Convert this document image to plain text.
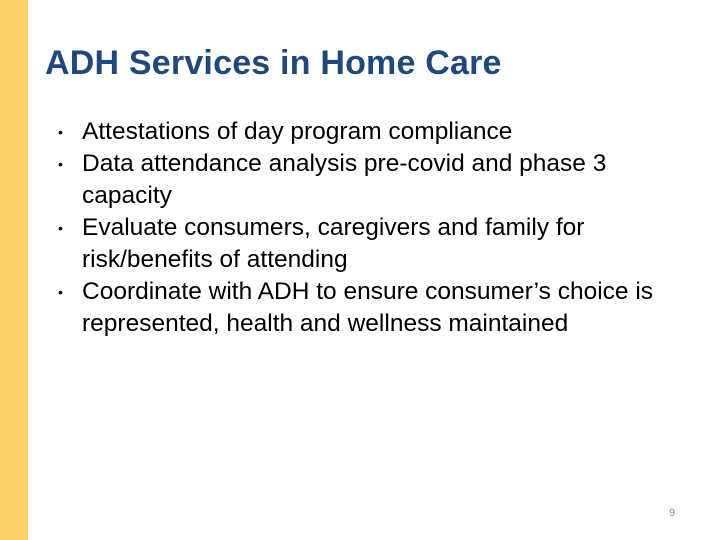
ADH Services in Home Care
• Attestations of day program compliance
• Data attendance analysis pre-covid and phase 3 capacity
• Evaluate consumers, caregivers and family for risk/benefits of attending
• Coordinate with ADH to ensure consumer’s choice is represented, health and wellness maintained
9
